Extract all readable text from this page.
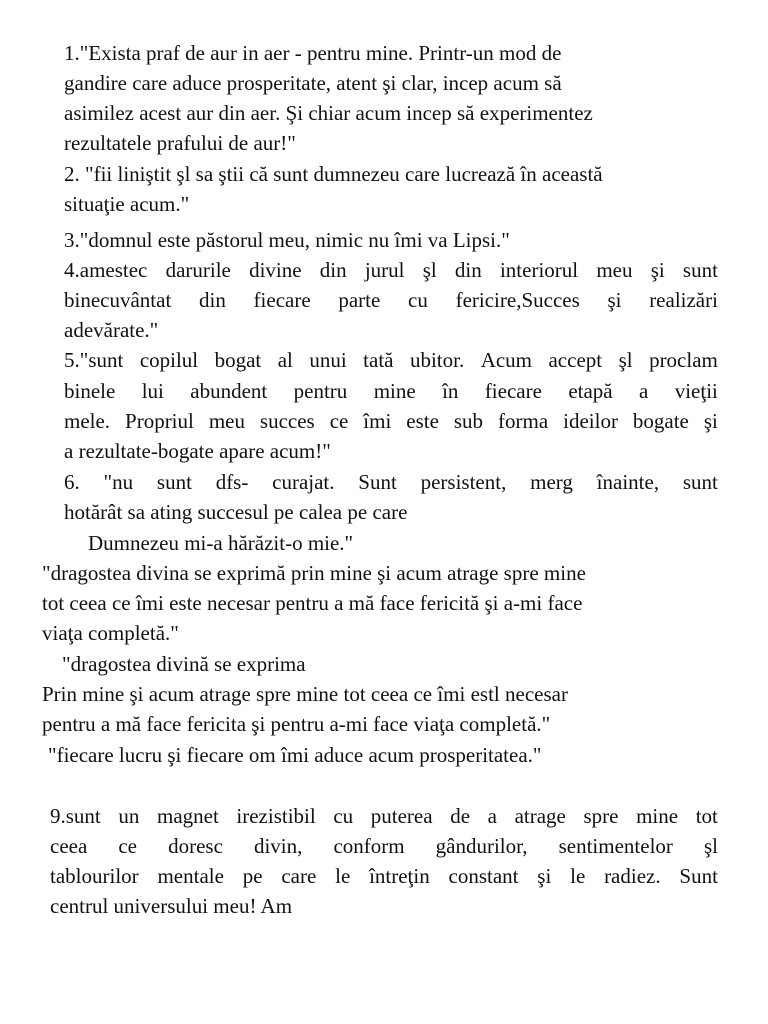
1."Exista praf de aur in aer - pentru mine. Printr-un mod de
gandire care aduce prosperitate, atent şi clar, incep acum să
asimilez acest aur din aer. Şi chiar acum incep să experimentez
rezultatele prafului de aur!"
2. "fii liniştit şl sa ştii că sunt dumnezeu care lucrează în această
situaţie acum."
3."domnul este păstorul meu, nimic nu îmi va Lipsi."
4.amestec darurile divine din jurul şl din interiorul meu şi sunt
binecuvântat din fiecare parte cu fericire,Succes şi realizări
adevărate."
5."sunt copilul bogat al unui tată ubitor. Acum accept şl proclam
binele lui abundent pentru mine în fiecare etapă a vieţii
mele. Propriul meu succes ce îmi este sub forma ideilor bogate şi
a rezultate-bogate apare acum!"
6. "nu sunt dfs- curajat. Sunt persistent, merg înainte, sunt
hotărât sa ating succesul pe calea pe care
Dumnezeu mi-a hărăzit-o mie."
"dragostea divina se exprimă prin mine şi acum atrage spre mine
tot ceea ce îmi este necesar pentru a mă face fericită şi a-mi face
viaţa completă."
"dragostea divină se exprima
Prin mine şi acum atrage spre mine tot ceea ce îmi estl necesar
pentru a mă face fericita şi pentru a-mi face viaţa completă."
"fiecare lucru şi fiecare om îmi aduce acum prosperitatea."
9.sunt un magnet irezistibil cu puterea de a atrage spre mine tot
ceea ce doresc divin, conform gândurilor, sentimentelor şl
tablourilor mentale pe care le întreţin constant şi le radiez. Sunt
centrul universului meu! Am
